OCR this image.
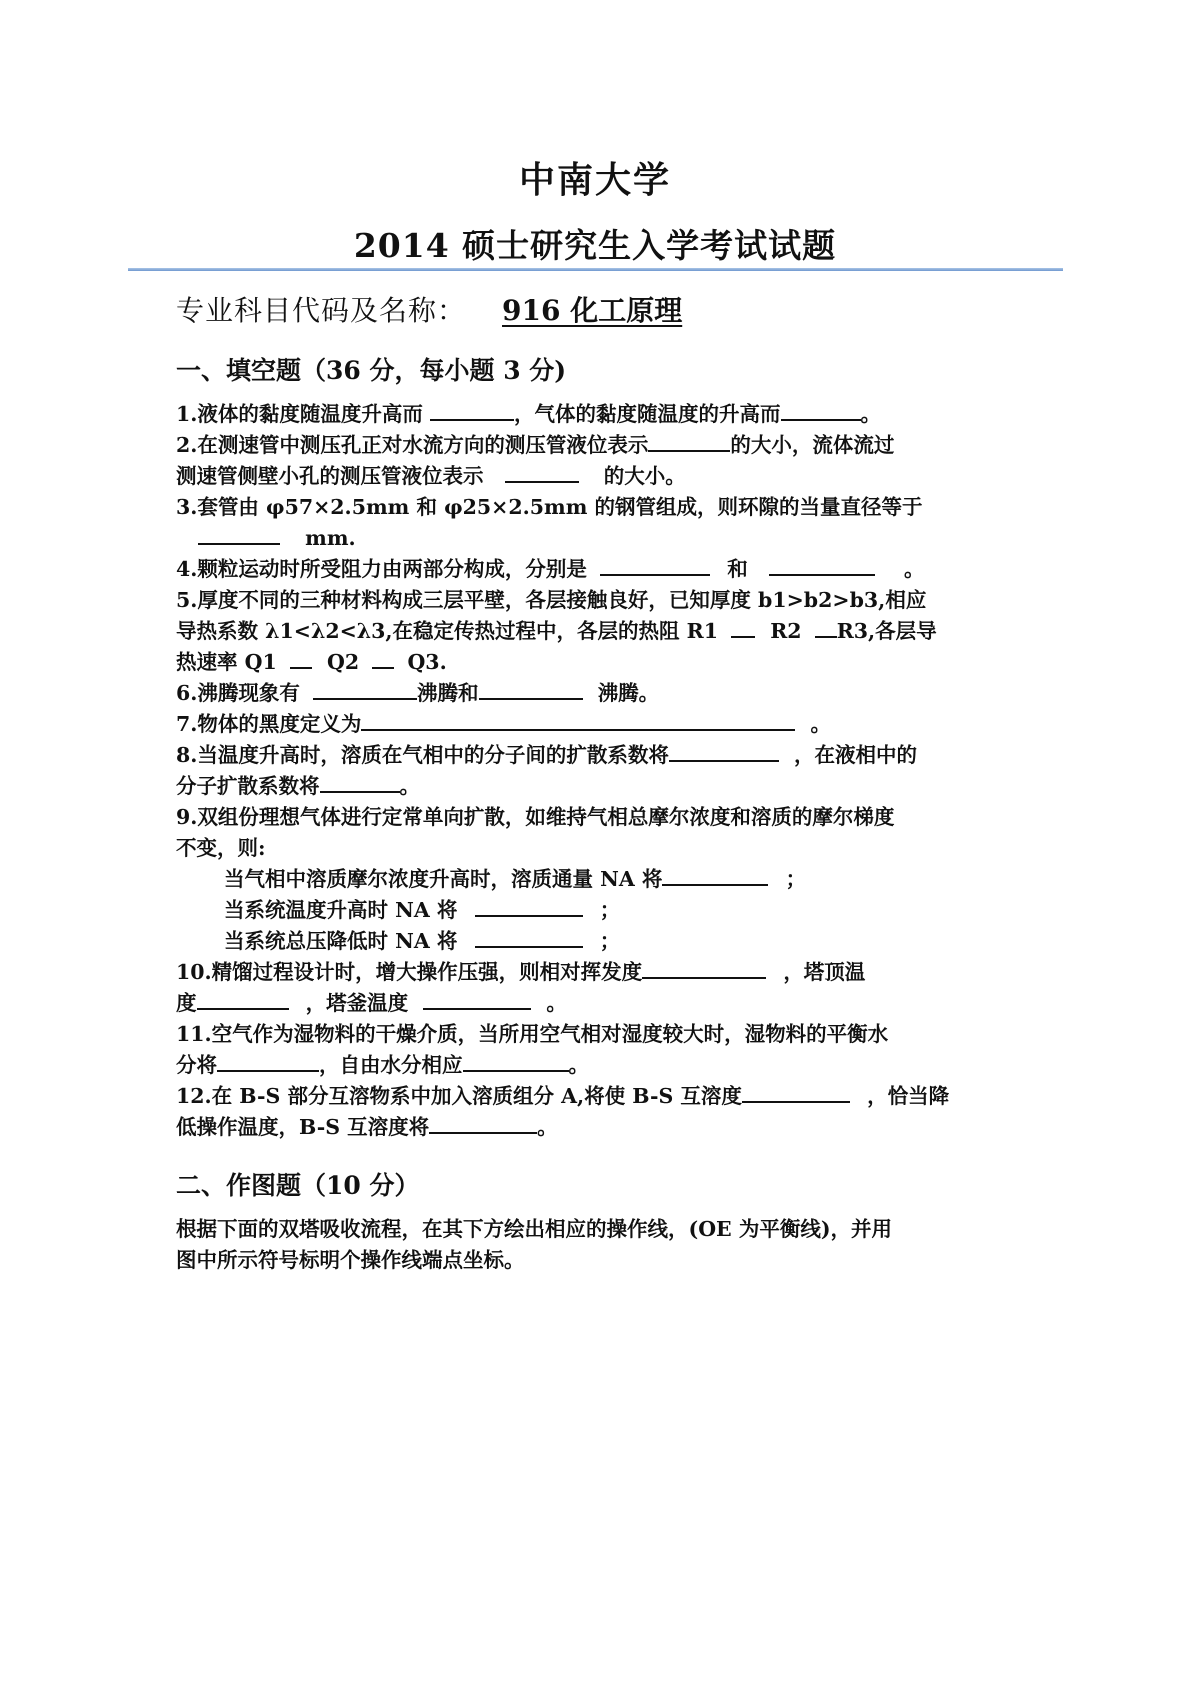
中南大学
2014 硕士研究生入学考试试题
专业科目代码及名称： 916 化工原理
一、填空题（36 分，每小题 3 分)
1.液体的黏度随温度升高而	，气体的黏度随温度的升高而	。
2.在测速管中测压孔正对水流方向的测压管液位表示	的大小，流体流过
测速管侧壁小孔的测压管液位表示	的大小。
3.套管由 φ57×2.5mm 和 φ25×2.5mm 的钢管组成，则环隙的当量直径等于
mm.
4.颗粒运动时所受阻力由两部分构成，分别是	和	。
5.厚度不同的三种材料构成三层平壁，各层接触良好，已知厚度 b1>b2>b3,相应
导热系数 λ1<λ2<λ3,在稳定传热过程中，各层的热阻 R1	R2 R3,各层导
热速率 Q1 Q2 Q3.
6.沸腾现象有	沸腾和	沸腾。
7.物体的黑度定义为	。
8.当温度升高时，溶质在气相中的分子间的扩散系数将	，在液相中的
分子扩散系数将	。
9.双组份理想气体进行定常单向扩散，如维持气相总摩尔浓度和溶质的摩尔梯度
不变，则:
当气相中溶质摩尔浓度升高时，溶质通量 NA 将	；
当系统温度升高时 NA 将	；
当系统总压降低时 NA 将	；
10.精馏过程设计时，增大操作压强，则相对挥发度	，塔顶温
度	，塔釜温度	。
11.空气作为湿物料的干燥介质，当所用空气相对湿度较大时，湿物料的平衡水
分将	，自由水分相应	。
12.在 B-S 部分互溶物系中加入溶质组分 A,将使 B-S 互溶度	，恰当降
低操作温度，B-S 互溶度将	。
二、作图题（10 分）
根据下面的双塔吸收流程，在其下方绘出相应的操作线，(OE 为平衡线)，并用
图中所示符号标明个操作线端点坐标。
